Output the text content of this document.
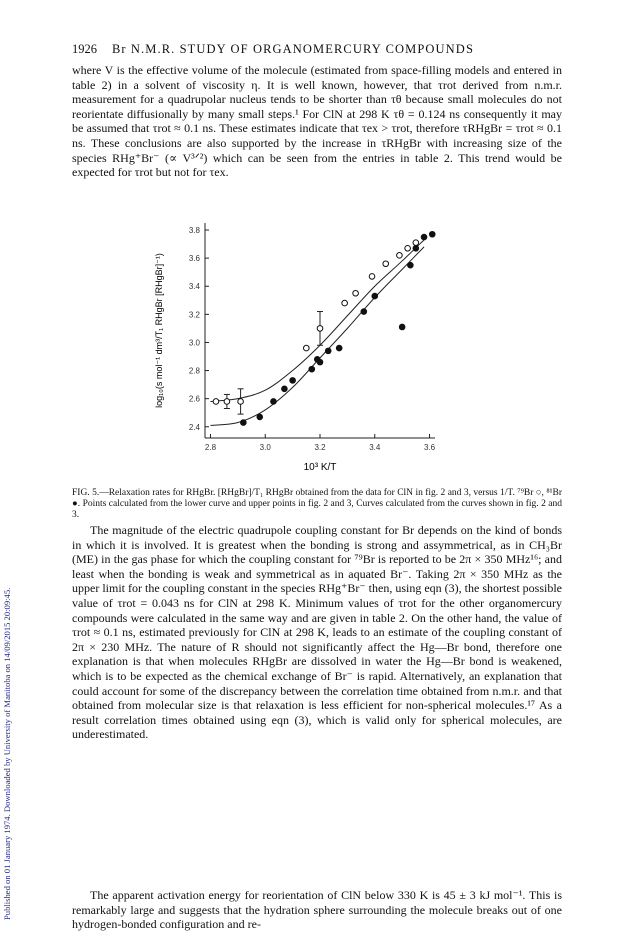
1926 Br N.M.R. STUDY OF ORGANOMERCURY COMPOUNDS
Published on 01 January 1974. Downloaded by University of Manitoba on 14/09/2015 20:09:45.
where V is the effective volume of the molecule (estimated from space-filling models and entered in table 2) in a solvent of viscosity η. It is well known, however, that τrot derived from n.m.r. measurement for a quadrupolar nucleus tends to be shorter than τθ because small molecules do not reorientate diffusionally by many small steps.¹ For ClN at 298 K τθ = 0.124 ns consequently it may be assumed that τrot ≈ 0.1 ns. These estimates indicate that τex > τrot, therefore τRHgBr = τrot ≈ 0.1 ns. These conclusions are also supported by the increase in τRHgBr with increasing size of the species RHg⁺Br⁻ (∝ V³ᐟ²) which can be seen from the entries in table 2. This trend would be expected for τrot but not for τex.
2.8	3.0	3.2	3.4	3.6
2.4
2.6
2.8
3.0
3.2
3.4
3.6
3.8
10³ K/T
log₁₀(s mol⁻¹ dm³/T₁ RHgBr [RHgBr]⁻¹)
FIG. 5.—Relaxation rates for RHgBr. [RHgBr]/T₁ RHgBr obtained from the data for ClN in fig. 2 and 3, versus 1/T. ⁷⁹Br ○, ⁸¹Br ●. Points calculated from the lower curve and upper points in fig. 2 and 3, Curves calculated from the curves shown in fig. 2 and 3.
The magnitude of the electric quadrupole coupling constant for Br depends on the kind of bonds in which it is involved. It is greatest when the bonding is strong and assymmetrical, as in CH₃Br (ME) in the gas phase for which the coupling constant for ⁷⁹Br is reported to be 2π × 350 MHz¹⁶; and least when the bonding is weak and symmetrical as in aquated Br⁻. Taking 2π × 350 MHz as the upper limit for the coupling constant in the species RHg⁺Br⁻ then, using eqn (3), the shortest possible value of τrot = 0.043 ns for ClN at 298 K. Minimum values of τrot for the other organomercury compounds were calculated in the same way and are given in table 2. On the other hand, the value of τrot ≈ 0.1 ns, estimated previously for ClN at 298 K, leads to an estimate of the coupling constant of 2π × 230 MHz. The nature of R should not significantly affect the Hg—Br bond, therefore one explanation is that when molecules RHgBr are dissolved in water the Hg—Br bond is weakened, which is to be expected as the chemical exchange of Br⁻ is rapid. Alternatively, an explanation that could account for some of the discrepancy between the correlation time obtained from n.m.r. and that obtained from molecular size is that relaxation is less efficient for non-spherical molecules.¹⁷ As a result correlation times obtained using eqn (3), which is valid only for spherical molecules, are underestimated.
The apparent activation energy for reorientation of ClN below 330 K is 45 ± 3 kJ mol⁻¹. This is remarkably large and suggests that the hydration sphere surrounding the molecule breaks out of one hydrogen-bonded configuration and re-
